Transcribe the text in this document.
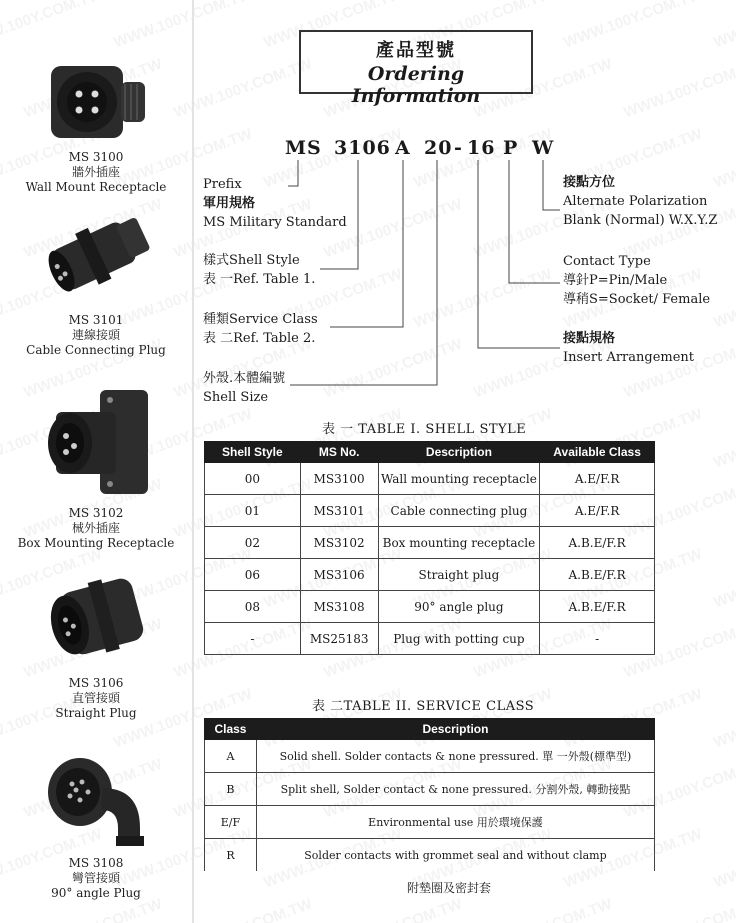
MS 3100
牆外插座
Wall Mount Receptacle
MS 3101
連線接頭
Cable Connecting Plug
MS 3102
械外插座
Box Mounting Receptacle
MS 3106
直管接頭
Straight Plug
MS 3108
彎管接頭
90° angle Plug
產品型號
Ordering Information
MS 3106 A 20 - 16 P W
Prefix
軍用規格
MS Military Standard
樣式Shell Style
表 一Ref. Table 1.
種類Service Class
表 二Ref. Table 2.
外殼.本體編號
Shell Size
接點方位
Alternate Polarization
Blank (Normal) W.X.Y.Z
Contact Type
導針P=Pin/Male
導稍S=Socket/ Female
接點規格
Insert Arrangement
表 一 TABLE I. SHELL STYLE
Shell Style	MS No.	Description	Available Class
00	MS3100	Wall mounting receptacle	A.E/F.R
01	MS3101	Cable connecting plug	A.E/F.R
02	MS3102	Box mounting receptacle	A.B.E/F.R
06	MS3106	Straight plug	A.B.E/F.R
08	MS3108	90° angle plug	A.B.E/F.R
-	MS25183	Plug with potting cup	-
表 二TABLE II. SERVICE CLASS
Class	Description
A	Solid shell. Solder contacts & none pressured. 單 一外殼(標準型)
B	Split shell, Solder contact & none pressured. 分割外殼, 轉動接點
E/F	Environmental use 用於環境保護
R	Solder contacts with grommet seal and without clamp
附墊圈及密封套
